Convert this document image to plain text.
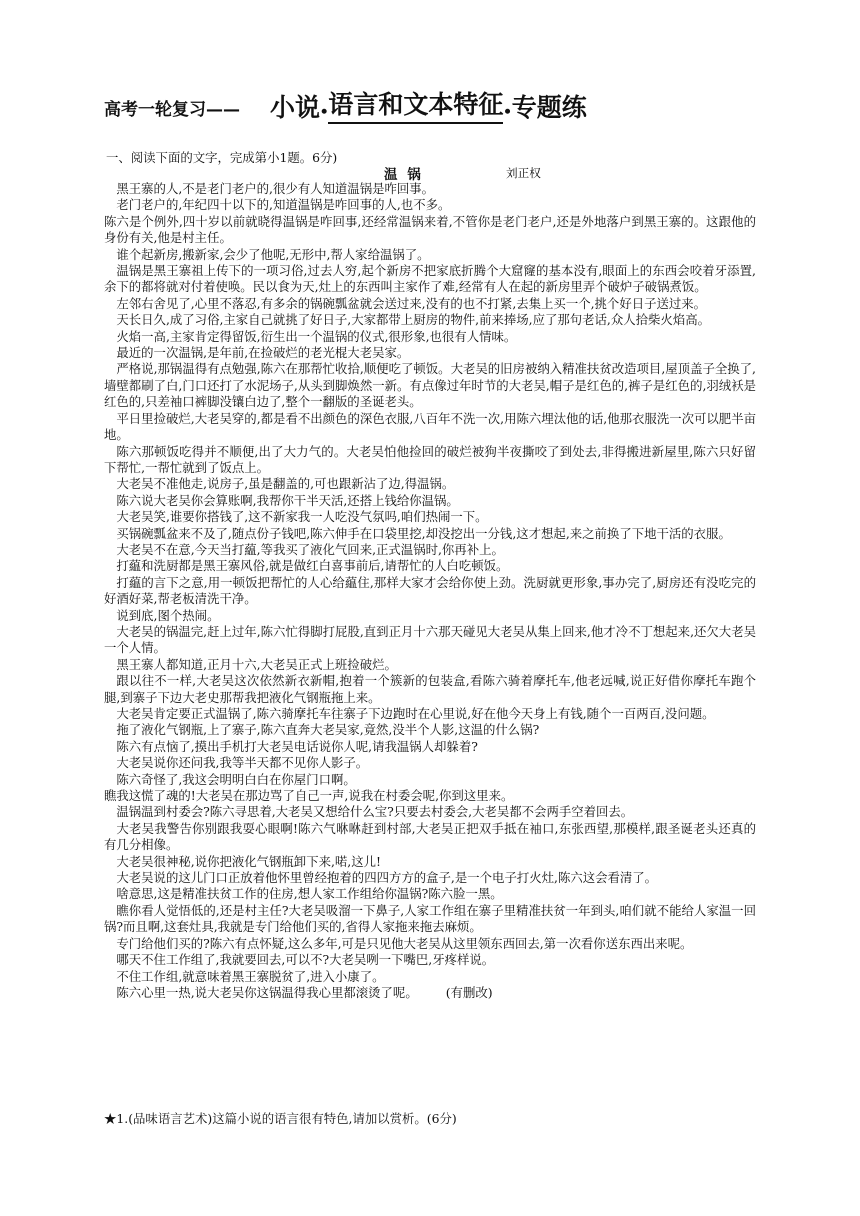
高考一轮复习—— 小说 ꔷ 语言和文本特征 ꔷ 专题练
一、阅读下面的文字，完成第小1题。6分)
温锅	刘正权

黑王寨的人,不是老门老户的,很少有人知道温锅是咋回事。

老门老户的,年纪四十以下的,知道温锅是咋回事的人,也不多。

陈六是个例外,四十岁以前就晓得温锅是咋回事,还经常温锅来着,不管你是老门老户,还是外地落户到黑王寨的。这跟他的身份有关,他是村主任。

谁个起新房,搬新家,会少了他呢,无形中,帮人家给温锅了。

温锅是黑王寨祖上传下的一项习俗,过去人穷,起个新房不把家底折腾个大窟窿的基本没有,眼面上的东西会咬着牙添置,余下的都将就对付着使唤。民以食为天,灶上的东西叫主家作了难,经常有人在起的新房里弄个破炉子破锅煮饭。

左邻右舍见了,心里不落忍,有多余的锅碗瓢盆就会送过来,没有的也不打紧,去集上买一个,挑个好日子送过来。

天长日久,成了习俗,主家自己就挑了好日子,大家都带上厨房的物件,前来捧场,应了那句老话,众人拾柴火焰高。

火焰一高,主家肯定得留饭,衍生出一个温锅的仪式,很形象,也很有人情味。

最近的一次温锅,是年前,在捡破烂的老光棍大老吴家。

严格说,那锅温得有点勉强,陈六在那帮忙收拾,顺便吃了顿饭。大老吴的旧房被纳入精准扶贫改造项目,屋顶盖子全换了,墙壁都刷了白,门口还打了水泥场子,从头到脚焕然一新。有点像过年时节的大老吴,帽子是红色的,裤子是红色的,羽绒袄是红色的,只差袖口裤脚没镶白边了,整个一翻版的圣诞老头。

平日里捡破烂,大老吴穿的,都是看不出颜色的深色衣服,八百年不洗一次,用陈六埋汰他的话,他那衣服洗一次可以肥半亩地。

陈六那顿饭吃得并不顺便,出了大力气的。大老吴怕他捡回的破烂被狗半夜撕咬了到处去,非得搬进新屋里,陈六只好留下帮忙,一帮忙就到了饭点上。

大老吴不准他走,说房子,虽是翻盖的,可也跟新沾了边,得温锅。

陈六说大老吴你会算账啊,我帮你干半天活,还搭上钱给你温锅。

大老吴笑,谁要你搭钱了,这不新家我一人吃没气氛吗,咱们热闹一下。

买锅碗瓢盆来不及了,随点份子钱吧,陈六伸手在口袋里挖,却没挖出一分钱,这才想起,来之前换了下地干活的衣服。

大老吴不在意,今天当打藴,等我买了液化气回来,正式温锅时,你再补上。

打藴和洗厨都是黑王寨风俗,就是做红白喜事前后,请帮忙的人白吃顿饭。

打藴的言下之意,用一顿饭把帮忙的人心给藴住,那样大家才会给你使上劲。洗厨就更形象,事办完了,厨房还有没吃完的好酒好菜,帮老板清洗干净。

说到底,图个热闹。

大老吴的锅温完,赶上过年,陈六忙得脚打屁股,直到正月十六那天碰见大老吴从集上回来,他才冷不丁想起来,还欠大老吴一个人情。

黑王寨人都知道,正月十六,大老吴正式上班捡破烂。

跟以往不一样,大老吴这次依然新衣新帽,抱着一个簇新的包装盒,看陈六骑着摩托车,他老远喊,说正好借你摩托车跑个腿,到寨子下边大老史那帮我把液化气钢瓶拖上来。

大老吴肯定要正式温锅了,陈六骑摩托车往寨子下边跑时在心里说,好在他今天身上有钱,随个一百两百,没问题。

拖了液化气钢瓶,上了寨子,陈六直奔大老吴家,竟然,没半个人影,这温的什么锅?

陈六有点恼了,摸出手机打大老吴电话说你人呢,请我温锅人却躲着?

大老吴说你还问我,我等半天都不见你人影子。

陈六奇怪了,我这会明明白白在你屋门口啊。

瞧我这慌了魂的!大老吴在那边骂了自己一声,说我在村委会呢,你到这里来。

温锅温到村委会?陈六寻思着,大老吴又想给什么宝?只要去村委会,大老吴都不会两手空着回去。

大老吴我警告你别跟我耍心眼啊!陈六气咻咻赶到村部,大老吴正把双手抵在袖口,东张西望,那模样,跟圣诞老头还真的有几分相像。

大老吴很神秘,说你把液化气钢瓶卸下来,喏,这儿!

大老吴说的这儿门口正放着他怀里曾经抱着的四四方方的盒子,是一个电子打火灶,陈六这会看清了。

啥意思,这是精准扶贫工作的住房,想人家工作组给你温锅?陈六脸一黑。

瞧你看人觉悟低的,还是村主任?大老吴吸溜一下鼻子,人家工作组在寨子里精准扶贫一年到头,咱们就不能给人家温一回锅?而且啊,这套灶具,我就是专门给他们买的,省得人家拖来拖去麻烦。

专门给他们买的?陈六有点怀疑,这么多年,可是只见他大老吴从这里领东西回去,第一次看你送东西出来呢。

哪天不住工作组了,我就要回去,可以不?大老吴咧一下嘴巴,牙疼样说。

不住工作组,就意味着黑王寨脱贫了,进入小康了。

陈六心里一热,说大老吴你这锅温得我心里都滚烫了呢。 (有删改)

★1.(品味语言艺术)这篇小说的语言很有特色,请加以赏析。(6分)
